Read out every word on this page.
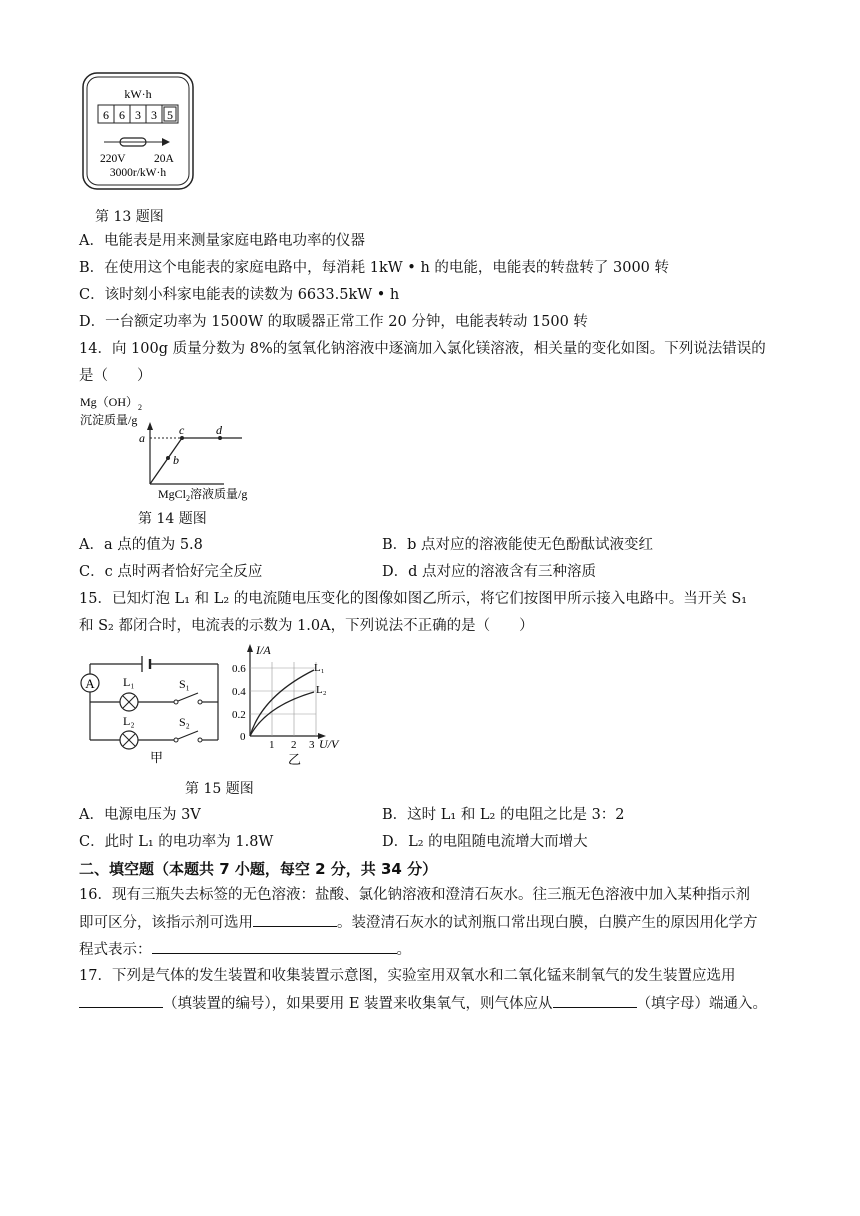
kW·h
6 6 3 3 5
220V 20A
3000r/kW·h
第 13 题图
A．电能表是用来测量家庭电路电功率的仪器
B．在使用这个电能表的家庭电路中，每消耗 1kW • h 的电能，电能表的转盘转了 3000 转
C．该时刻小科家电能表的读数为 6633.5kW • h
D．一台额定功率为 1500W 的取暖器正常工作 20 分钟，电能表转动 1500 转
14．向 100g 质量分数为 8%的氢氧化钠溶液中逐滴加入氯化镁溶液，相关量的变化如图。下列说法错误的
是（　　）
$Mg(OH)_2$
沉淀质量/g
a
b
c	d
MgCl$_2$溶液质量/g
第 14 题图
A．a 点的值为 5.8	B．b 点对应的溶液能使无色酚酞试液变红
C．c 点时两者恰好完全反应	D．d 点对应的溶液含有三种溶质
15．已知灯泡 L₁ 和 L₂ 的电流随电压变化的图像如图乙所示，将它们按图甲所示接入电路中。当开关 S₁
和 S₂ 都闭合时，电流表的示数为 1.0A，下列说法不正确的是（　　）
A L₁	S₁
L₂	S₂
甲
I/A
0.6
0.4
0.2
0
1 2 3 U/V
L₁
L₂
乙
第 15 题图
A．电源电压为 3V	B．这时 L₁ 和 L₂ 的电阻之比是 3：2
C．此时 L₁ 的电功率为 1.8W	D．L₂ 的电阻随电流增大而增大
二、填空题（本题共 7 小题，每空 2 分，共 34 分）
16．现有三瓶失去标签的无色溶液：盐酸、氯化钠溶液和澄清石灰水。往三瓶无色溶液中加入某种指示剂
即可区分，该指示剂可选用	。装澄清石灰水的试剂瓶口常出现白膜，白膜产生的原因用化学方
程式表示：	。
17．下列是气体的发生装置和收集装置示意图，实验室用双氧水和二氧化锰来制氧气的发生装置应选用
（填装置的编号），如果要用 E 装置来收集氧气，则气体应从	（填字母）端通入。
